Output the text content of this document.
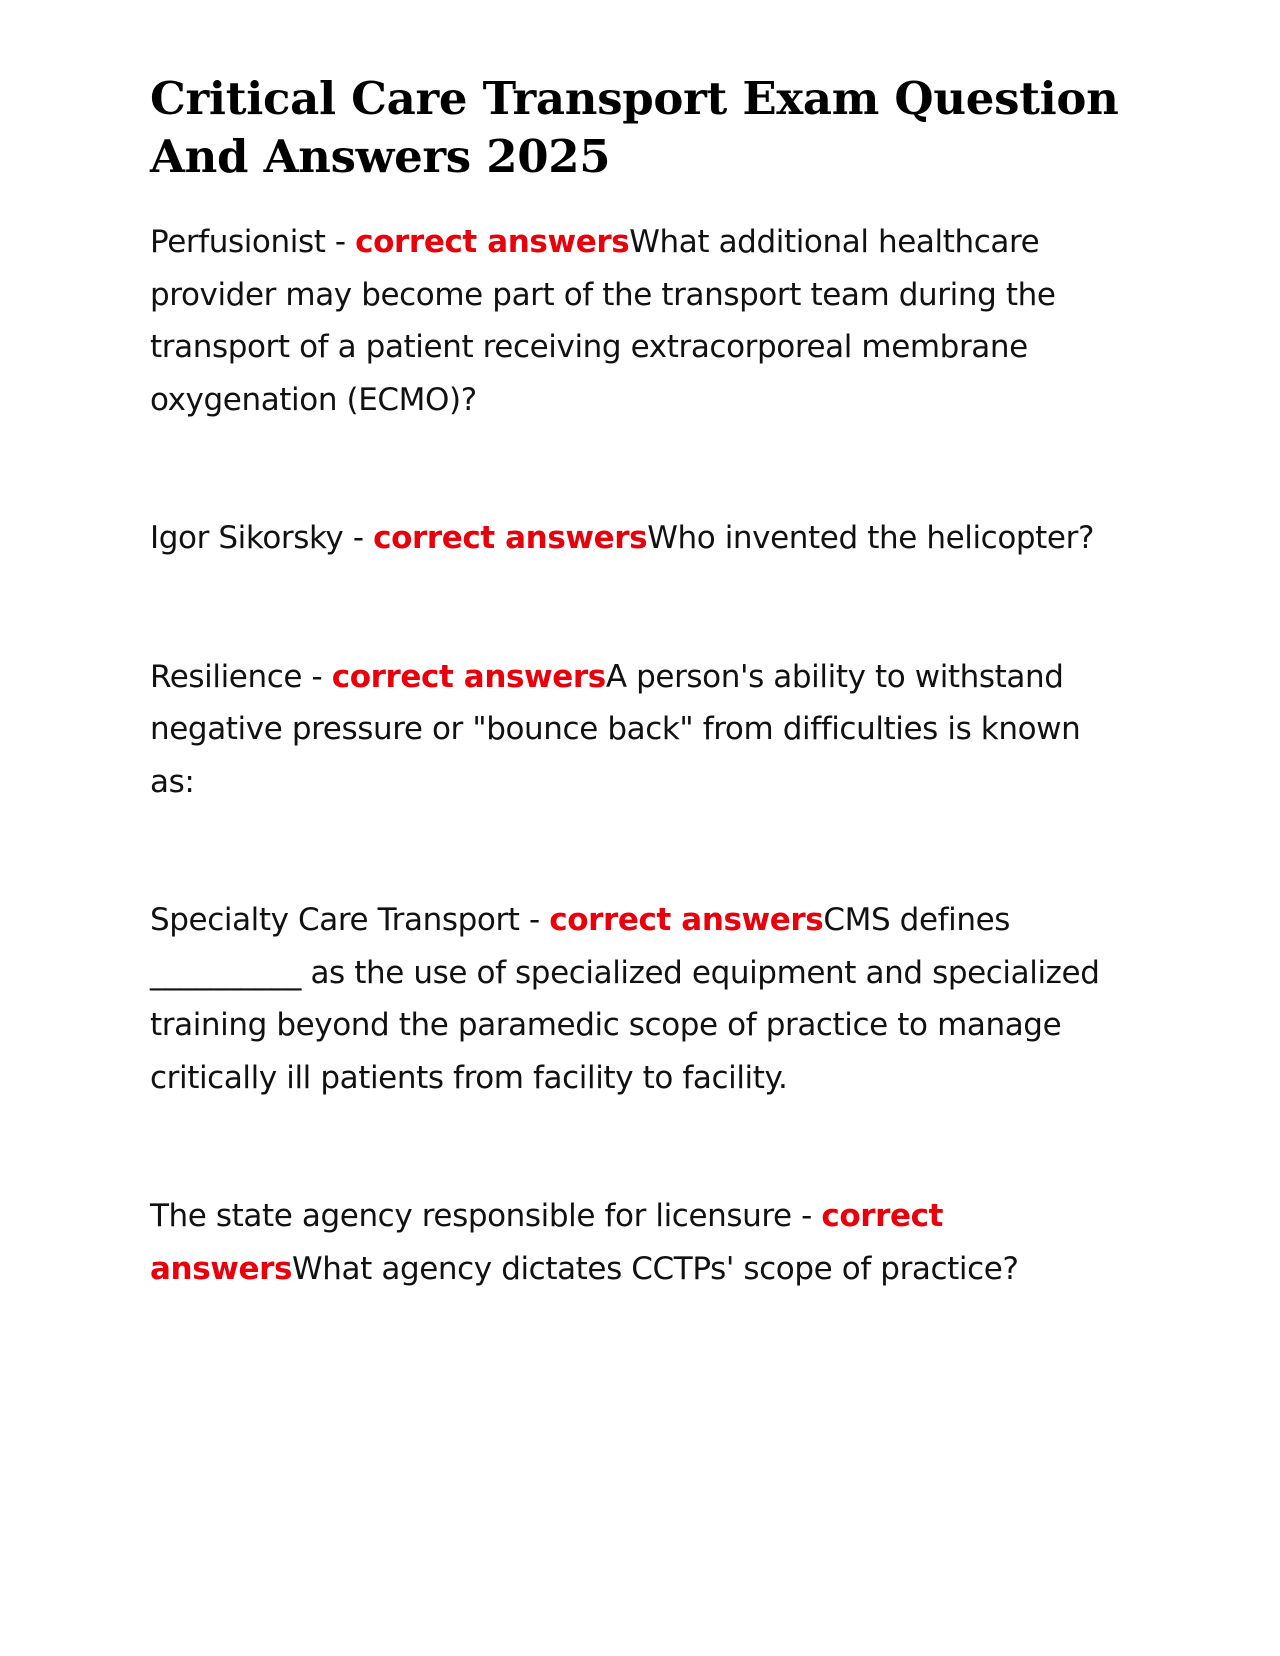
Critical Care Transport Exam Question And Answers 2025

Perfusionist - correct answersWhat additional healthcare provider may become part of the transport team during the transport of a patient receiving extracorporeal membrane oxygenation (ECMO)?

Igor Sikorsky - correct answersWho invented the helicopter?

Resilience - correct answersA person's ability to withstand negative pressure or "bounce back" from difficulties is known as:

Specialty Care Transport - correct answersCMS defines __________ as the use of specialized equipment and specialized training beyond the paramedic scope of practice to manage critically ill patients from facility to facility.

The state agency responsible for licensure - correct answersWhat agency dictates CCTPs' scope of practice?
